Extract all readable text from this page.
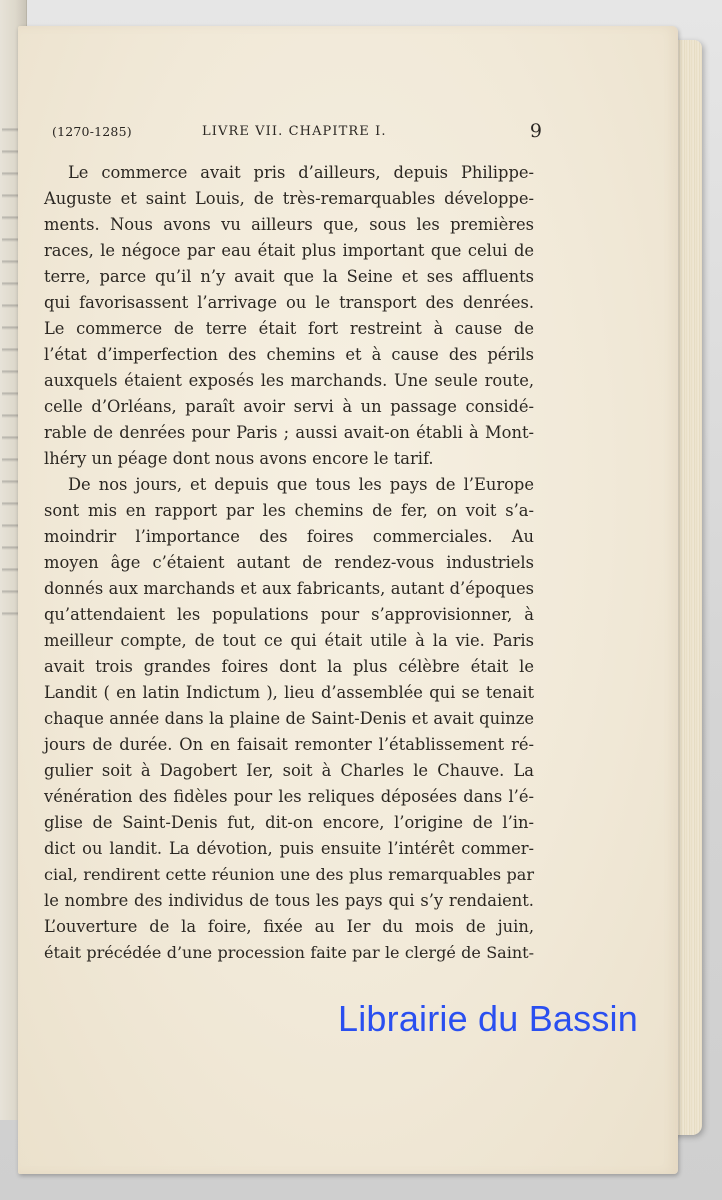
(1270-1285)	LIVRE VII. CHAPITRE I.	9
Le commerce avait pris d’ailleurs, depuis Philippe-
Auguste et saint Louis, de très-remarquables développe-
ments. Nous avons vu ailleurs que, sous les premières
races, le négoce par eau était plus important que celui de
terre, parce qu’il n’y avait que la Seine et ses affluents
qui favorisassent l’arrivage ou le transport des denrées.
Le commerce de terre était fort restreint à cause de
l’état d’imperfection des chemins et à cause des périls
auxquels étaient exposés les marchands. Une seule route,
celle d’Orléans, paraît avoir servi à un passage considé-
rable de denrées pour Paris ; aussi avait-on établi à Mont-
lhéry un péage dont nous avons encore le tarif.
De nos jours, et depuis que tous les pays de l’Europe
sont mis en rapport par les chemins de fer, on voit s’a-
moindrir l’importance des foires commerciales. Au
moyen âge c’étaient autant de rendez-vous industriels
donnés aux marchands et aux fabricants, autant d’époques
qu’attendaient les populations pour s’approvisionner, à
meilleur compte, de tout ce qui était utile à la vie. Paris
avait trois grandes foires dont la plus célèbre était le
Landit ( en latin Indictum ), lieu d’assemblée qui se tenait
chaque année dans la plaine de Saint-Denis et avait quinze
jours de durée. On en faisait remonter l’établissement ré-
gulier soit à Dagobert Ier, soit à Charles le Chauve. La
vénération des fidèles pour les reliques déposées dans l’é-
glise de Saint-Denis fut, dit-on encore, l’origine de l’in-
dict ou landit. La dévotion, puis ensuite l’intérêt commer-
cial, rendirent cette réunion une des plus remarquables par
le nombre des individus de tous les pays qui s’y rendaient.
L’ouverture de la foire, fixée au Ier du mois de juin,
était précédée d’une procession faite par le clergé de Saint-
Librairie du Bassin
